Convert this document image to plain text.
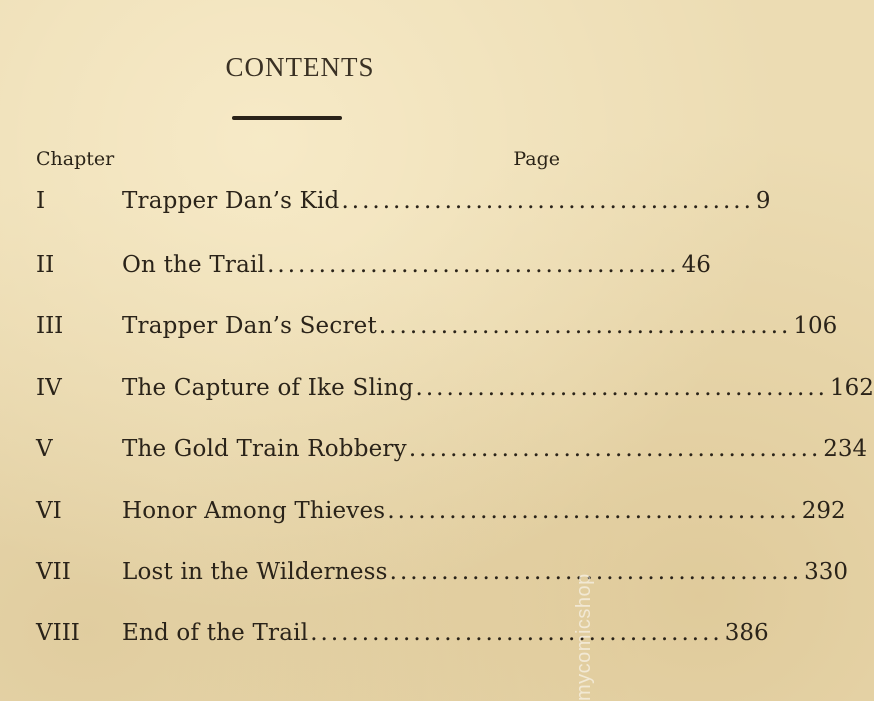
CONTENTS
Chapter	Page
I	Trapper Dan’s Kid ........................................ 9
II	On the Trail ........................................ 46
III	Trapper Dan’s Secret ........................................ 106
IV	The Capture of Ike Sling ........................................ 162
V	The Gold Train Robbery ........................................ 234
VI	Honor Among Thieves ........................................ 292
VII Lost in the Wilderness ........................................ 330
VIII End of the Trail ........................................ 386
mycomicshop
